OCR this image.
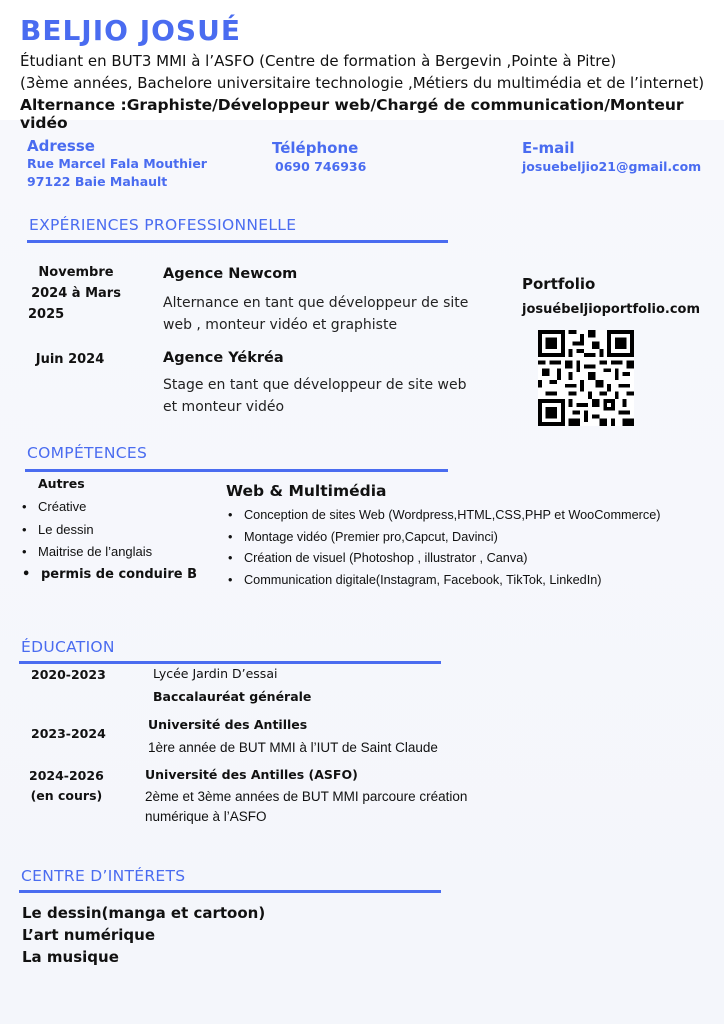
BELJIO JOSUÉ
Étudiant en BUT3 MMI à l’ASFO (Centre de formation à Bergevin ,Pointe à Pitre)
(3ème années, Bachelore universitaire technologie ,Métiers du multimédia et de l’internet)
Alternance :Graphiste/Développeur web/Chargé de communication/Monteur vidéo
Adresse
Rue Marcel Fala Mouthier
97122 Baie Mahault
Téléphone
0690 746936
E-mail
josuebeljio21@gmail.com
EXPÉRIENCES PROFESSIONNELLE
Novembre
2024 à Mars
2025
Agence Newcom
Alternance en tant que développeur de site
web , monteur vidéo et graphiste
Juin 2024	Agence Yékréa
Stage en tant que développeur de site web
et monteur vidéo
Portfolio
josuébeljioportfolio.com
COMPÉTENCES
Autres
• Créative
• Le dessin
• Maitrise de l’anglais
• permis de conduire B
Web & Multimédia
• Conception de sites Web (Wordpress,HTML,CSS,PHP et WooCommerce)
• Montage vidéo (Premier pro,Capcut, Davinci)
• Création de visuel (Photoshop , illustrator , Canva)
• Communication digitale(Instagram, Facebook, TikTok, LinkedIn)
ÉDUCATION
2020-2023	Lycée Jardin D’essai
Baccalauréat générale
2023-2024
Université des Antilles
1ère année de BUT MMI à l’IUT de Saint Claude
2024-2026
(en cours)
Université des Antilles (ASFO)
2ème et 3ème années de BUT MMI parcoure création
numérique à l’ASFO
CENTRE D’INTÉRETS
Le dessin(manga et cartoon)
L’art numérique
La musique
